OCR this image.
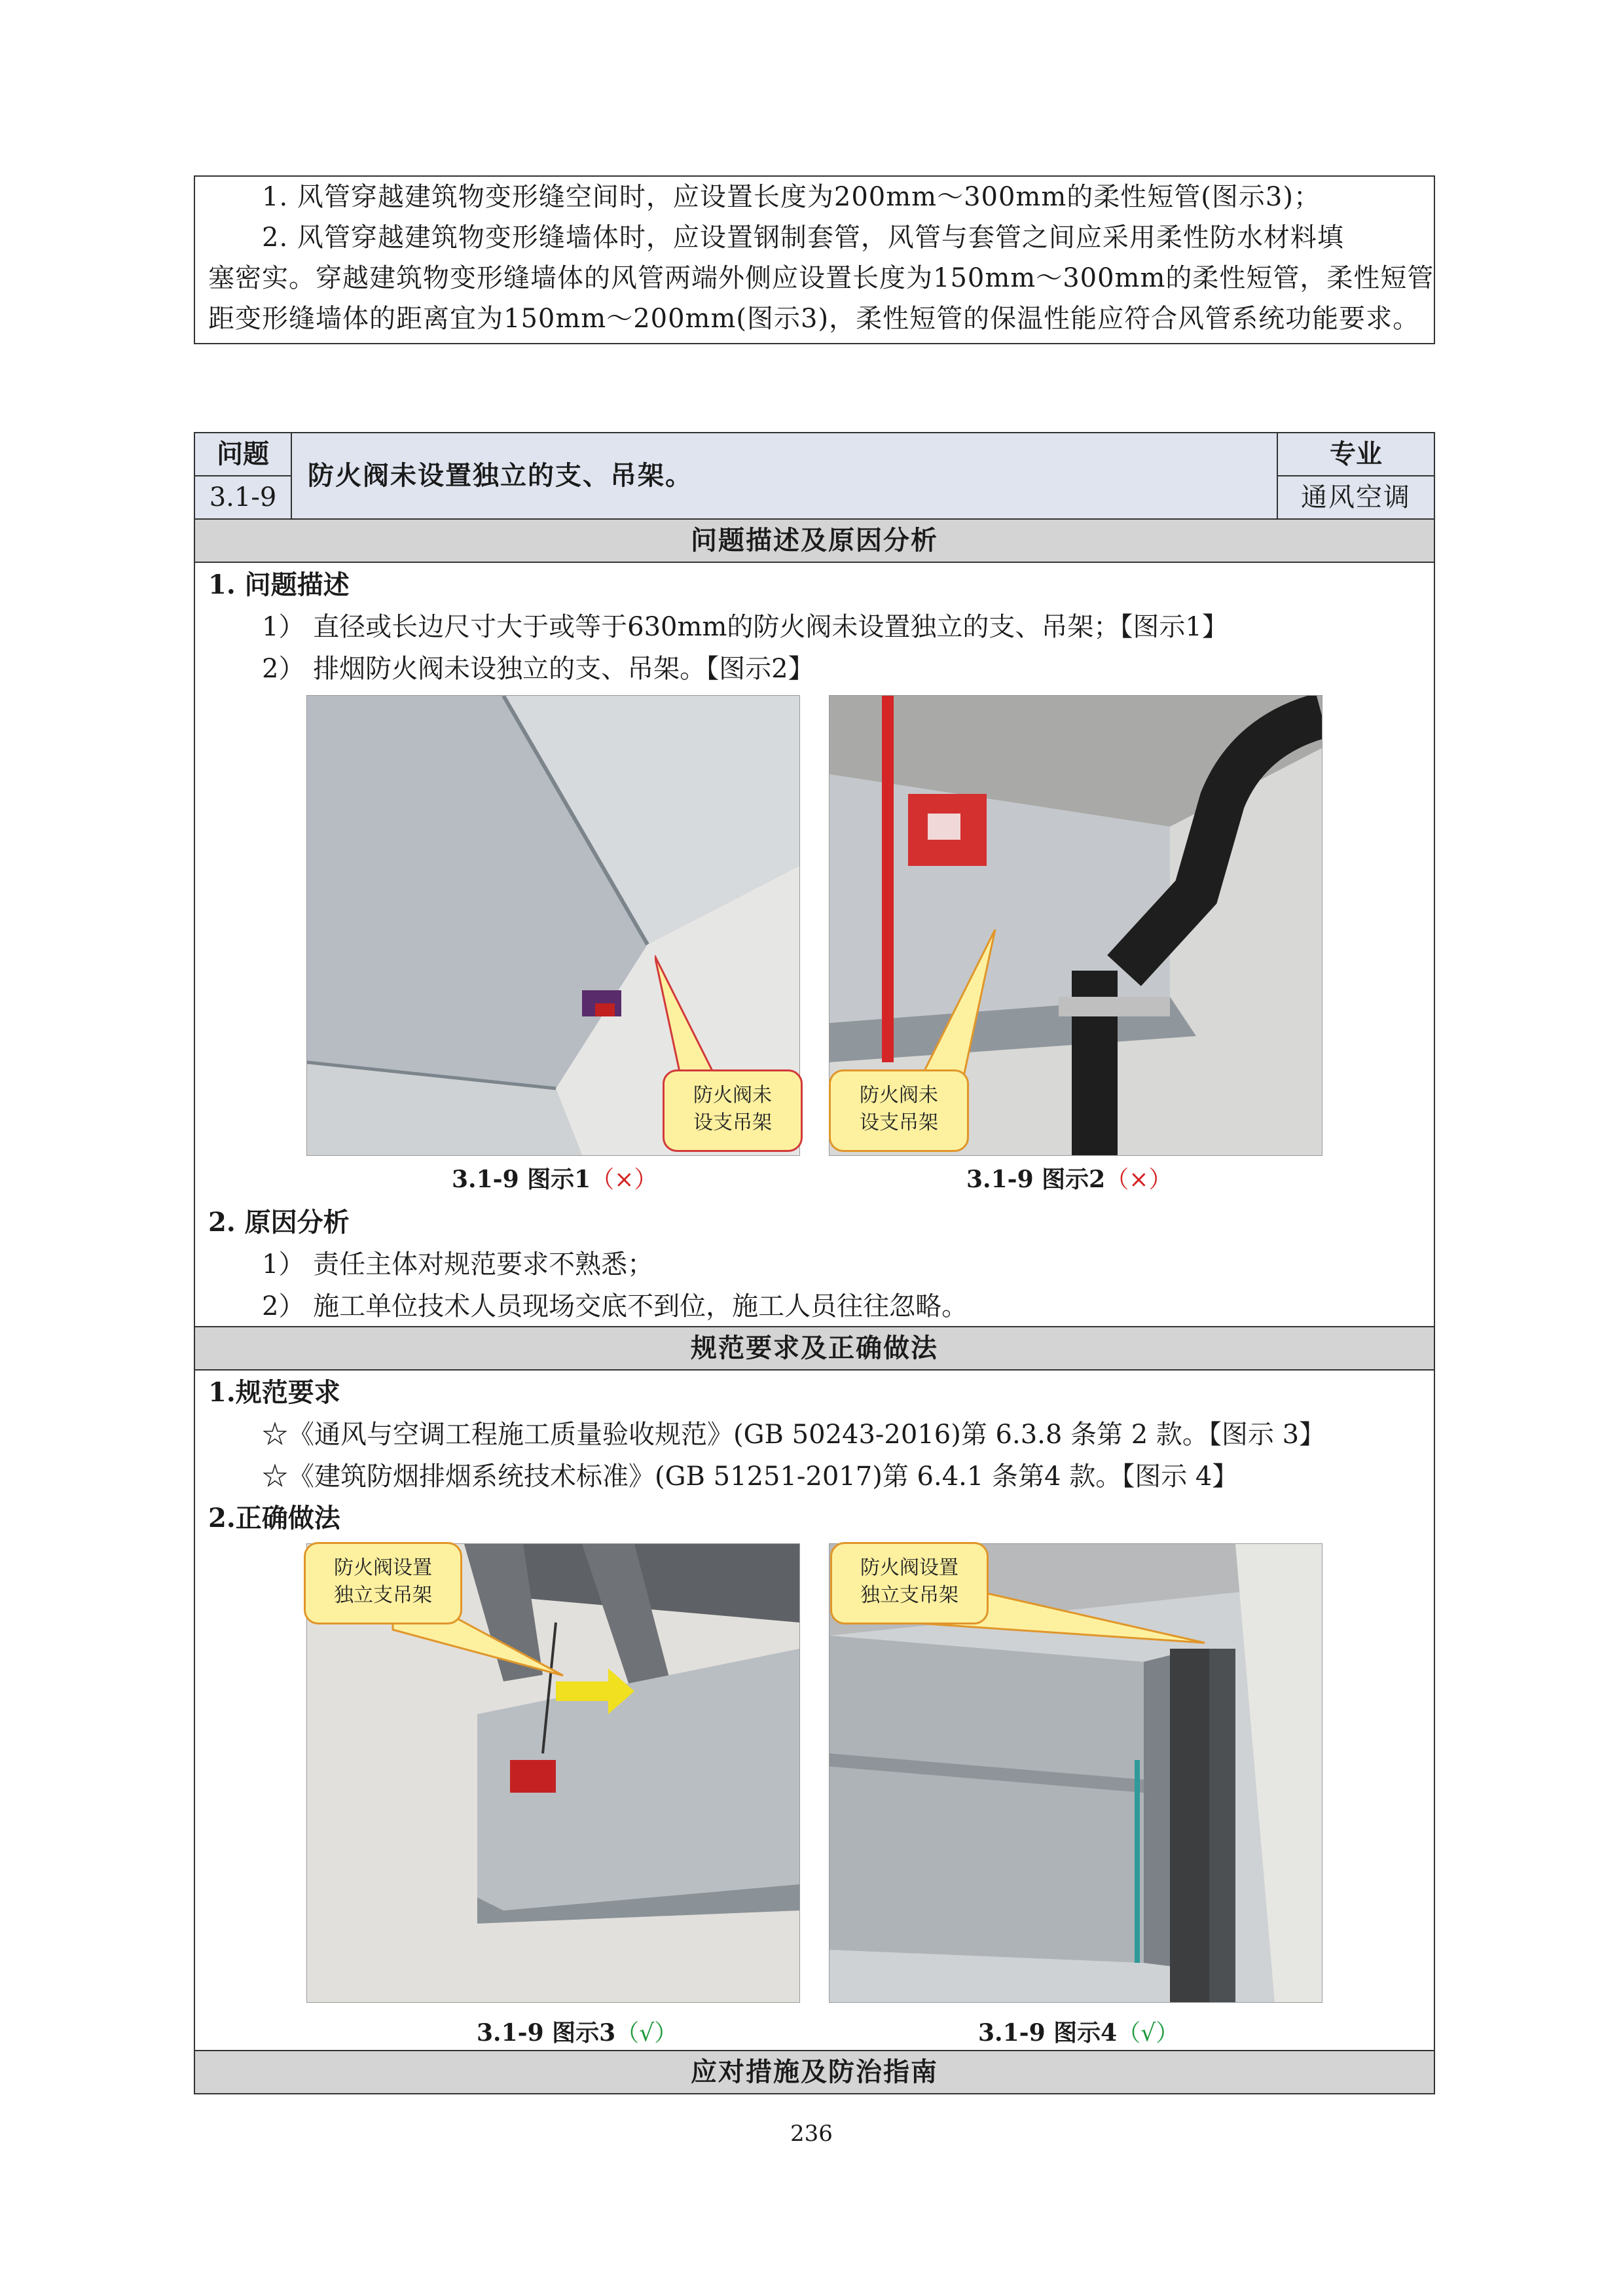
　　1. 风管穿越建筑物变形缝空间时，应设置长度为200mm～300mm的柔性短管(图示3)；
　　2. 风管穿越建筑物变形缝墙体时，应设置钢制套管，风管与套管之间应采用柔性防水材料填
塞密实。穿越建筑物变形缝墙体的风管两端外侧应设置长度为150mm～300mm的柔性短管，柔性短管
距变形缝墙体的距离宜为150mm～200mm(图示3)，柔性短管的保温性能应符合风管系统功能要求。
问题
3.1-9
防火阀未设置独立的支、吊架。
专业
通风空调
问题描述及原因分析
1. 问题描述
1） 直径或长边尺寸大于或等于630mm的防火阀未设置独立的支、吊架；【图示1】
2） 排烟防火阀未设独立的支、吊架。【图示2】
防火阀未
设支吊架
3.1-9 图示1（×）
防火阀未
设支吊架
3.1-9 图示2（×）
2. 原因分析
1） 责任主体对规范要求不熟悉；
2） 施工单位技术人员现场交底不到位，施工人员往往忽略。
规范要求及正确做法
1.规范要求
☆《通风与空调工程施工质量验收规范》(GB 50243-2016)第 6.3.8 条第 2 款。【图示 3】
☆《建筑防烟排烟系统技术标准》(GB 51251-2017)第 6.4.1 条第4 款。【图示 4】
2.正确做法
防火阀设置
独立支吊架
3.1-9 图示3（√）
防火阀设置
独立支吊架
3.1-9 图示4（√）
应对措施及防治指南
236
